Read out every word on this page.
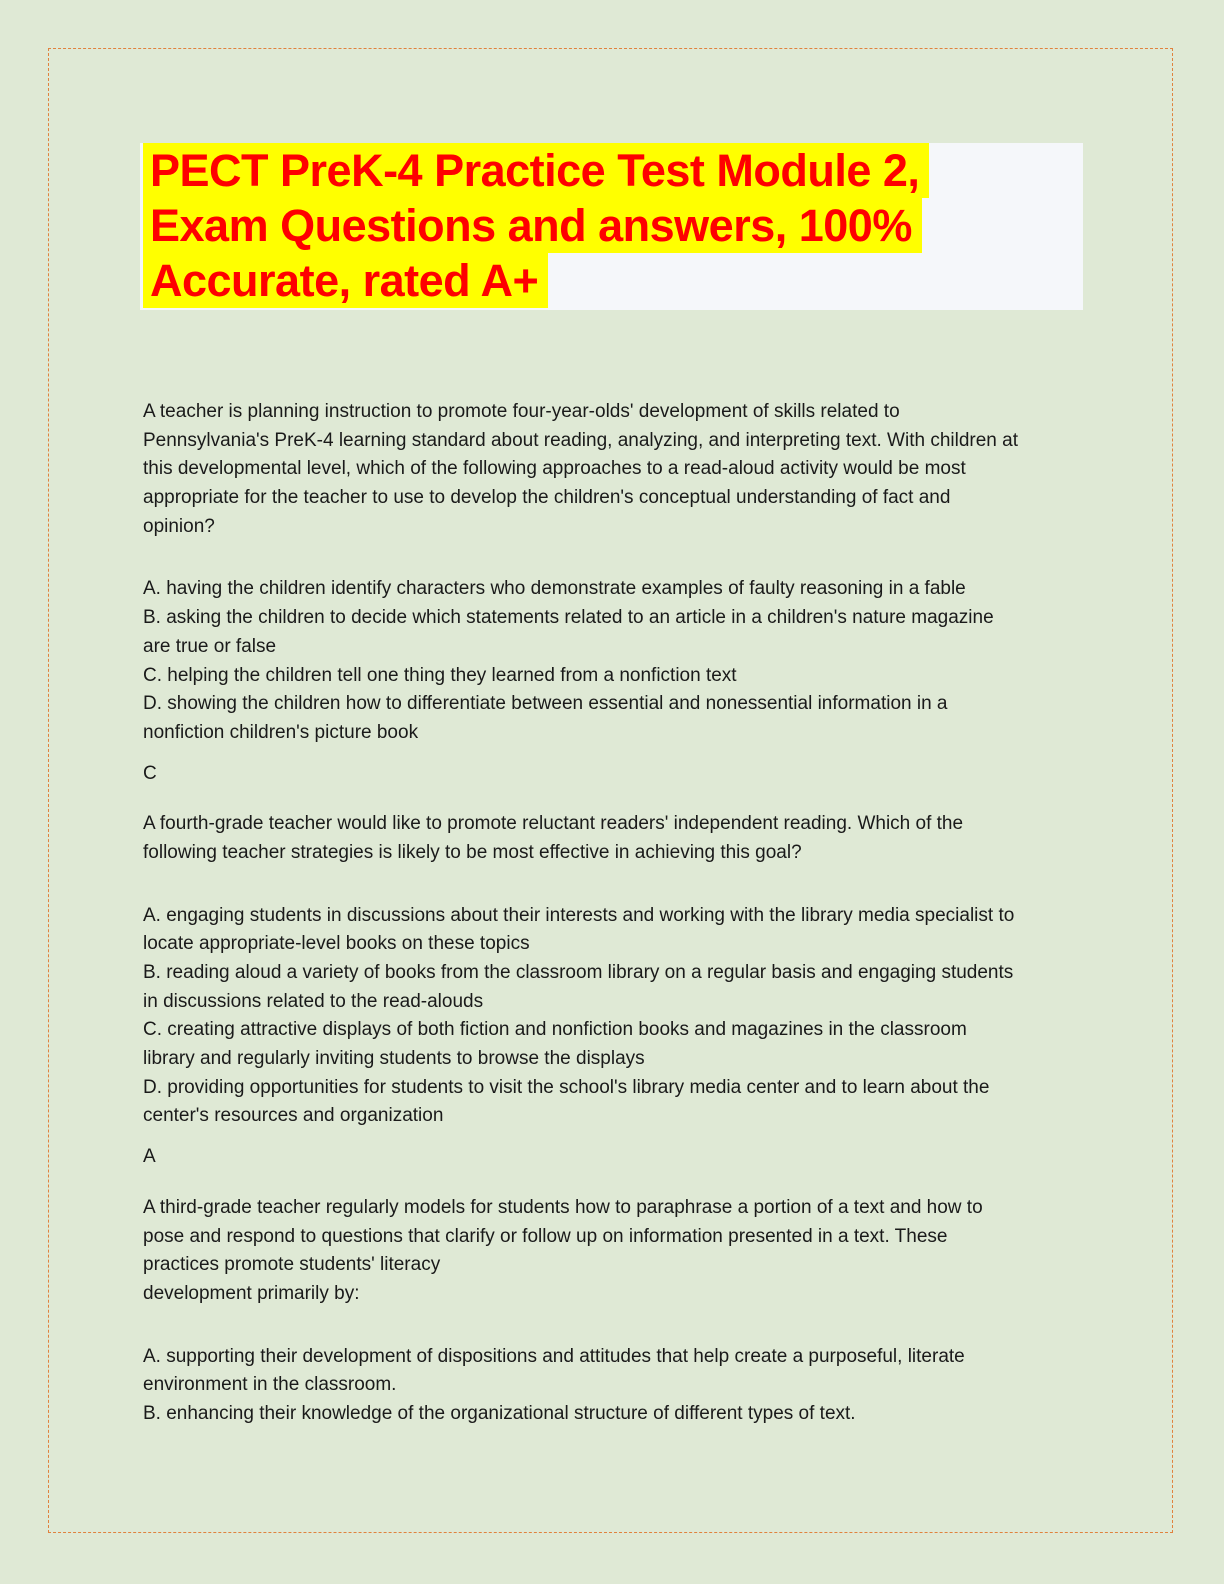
PECT PreK-4 Practice Test Module 2,
Exam Questions and answers, 100%
Accurate, rated A+
A teacher is planning instruction to promote four-year-olds' development of skills related to
Pennsylvania's PreK-4 learning standard about reading, analyzing, and interpreting text. With children at
this developmental level, which of the following approaches to a read-aloud activity would be most
appropriate for the teacher to use to develop the children's conceptual understanding of fact and
opinion?
A. having the children identify characters who demonstrate examples of faulty reasoning in a fable
B. asking the children to decide which statements related to an article in a children's nature magazine
are true or false
C. helping the children tell one thing they learned from a nonfiction text
D. showing the children how to differentiate between essential and nonessential information in a
nonfiction children's picture book
C
A fourth-grade teacher would like to promote reluctant readers' independent reading. Which of the
following teacher strategies is likely to be most effective in achieving this goal?
A. engaging students in discussions about their interests and working with the library media specialist to
locate appropriate-level books on these topics
B. reading aloud a variety of books from the classroom library on a regular basis and engaging students
in discussions related to the read-alouds
C. creating attractive displays of both fiction and nonfiction books and magazines in the classroom
library and regularly inviting students to browse the displays
D. providing opportunities for students to visit the school's library media center and to learn about the
center's resources and organization
A
A third-grade teacher regularly models for students how to paraphrase a portion of a text and how to
pose and respond to questions that clarify or follow up on information presented in a text. These
practices promote students' literacy
development primarily by:
A. supporting their development of dispositions and attitudes that help create a purposeful, literate
environment in the classroom.
B. enhancing their knowledge of the organizational structure of different types of text.
